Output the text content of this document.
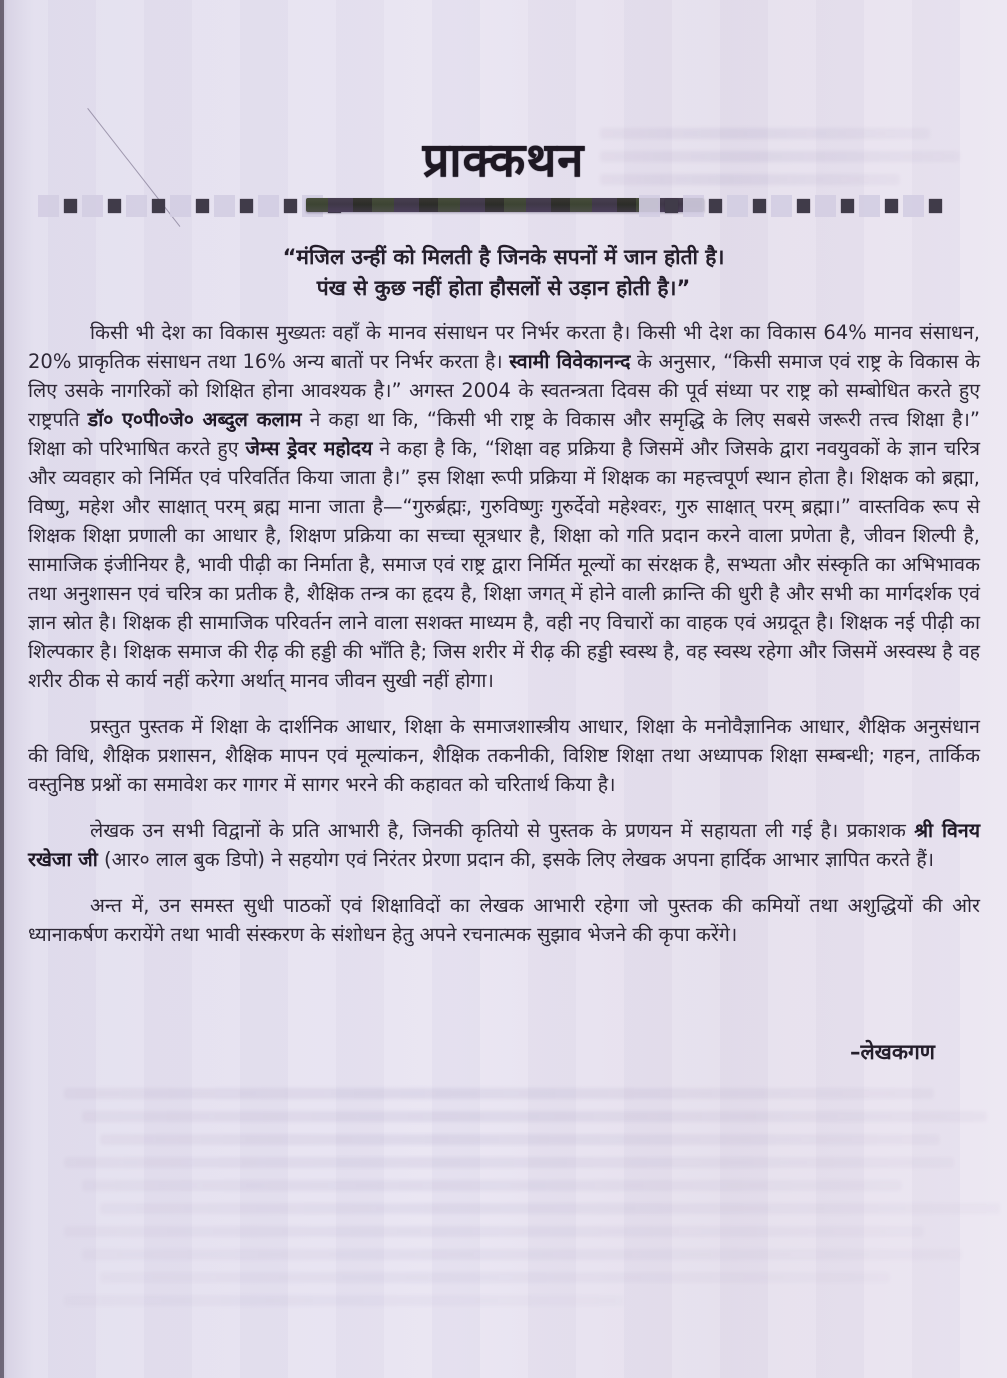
प्राक्कथन
“मंजिल उन्हीं को मिलती है जिनके सपनों में जान होती है।
पंख से कुछ नहीं होता हौसलों से उड़ान होती है।”

किसी भी देश का विकास मुख्यतः वहाँ के मानव संसाधन पर निर्भर करता है। किसी भी देश का विकास 64% मानव संसाधन, 20% प्राकृतिक संसाधन तथा 16% अन्य बातों पर निर्भर करता है। स्वामी विवेकानन्द के अनुसार, “किसी समाज एवं राष्ट्र के विकास के लिए उसके नागरिकों को शिक्षित होना आवश्यक है।” अगस्त 2004 के स्वतन्त्रता दिवस की पूर्व संध्या पर राष्ट्र को सम्बोधित करते हुए राष्ट्रपति डॉ० ए०पी०जे० अब्दुल कलाम ने कहा था कि, “किसी भी राष्ट्र के विकास और समृद्धि के लिए सबसे जरूरी तत्त्व शिक्षा है।” शिक्षा को परिभाषित करते हुए जेम्स ड्रेवर महोदय ने कहा है कि, “शिक्षा वह प्रक्रिया है जिसमें और जिसके द्वारा नवयुवकों के ज्ञान चरित्र और व्यवहार को निर्मित एवं परिवर्तित किया जाता है।” इस शिक्षा रूपी प्रक्रिया में शिक्षक का महत्त्वपूर्ण स्थान होता है। शिक्षक को ब्रह्मा, विष्णु, महेश और साक्षात् परम् ब्रह्म माना जाता है—“गुरुर्ब्रह्मः, गुरुविष्णुः गुरुर्देवो महेश्वरः, गुरु साक्षात् परम् ब्रह्मा।” वास्तविक रूप से शिक्षक शिक्षा प्रणाली का आधार है, शिक्षण प्रक्रिया का सच्चा सूत्रधार है, शिक्षा को गति प्रदान करने वाला प्रणेता है, जीवन शिल्पी है, सामाजिक इंजीनियर है, भावी पीढ़ी का निर्माता है, समाज एवं राष्ट्र द्वारा निर्मित मूल्यों का संरक्षक है, सभ्यता और संस्कृति का अभिभावक तथा अनुशासन एवं चरित्र का प्रतीक है, शैक्षिक तन्त्र का हृदय है, शिक्षा जगत् में होने वाली क्रान्ति की धुरी है और सभी का मार्गदर्शक एवं ज्ञान स्रोत है। शिक्षक ही सामाजिक परिवर्तन लाने वाला सशक्त माध्यम है, वही नए विचारों का वाहक एवं अग्रदूत है। शिक्षक नई पीढ़ी का शिल्पकार है। शिक्षक समाज की रीढ़ की हड्डी की भाँति है; जिस शरीर में रीढ़ की हड्डी स्वस्थ है, वह स्वस्थ रहेगा और जिसमें अस्वस्थ है वह शरीर ठीक से कार्य नहीं करेगा अर्थात् मानव जीवन सुखी नहीं होगा।

प्रस्तुत पुस्तक में शिक्षा के दार्शनिक आधार, शिक्षा के समाजशास्त्रीय आधार, शिक्षा के मनोवैज्ञानिक आधार, शैक्षिक अनुसंधान की विधि, शैक्षिक प्रशासन, शैक्षिक मापन एवं मूल्यांकन, शैक्षिक तकनीकी, विशिष्ट शिक्षा तथा अध्यापक शिक्षा सम्बन्धी; गहन, तार्किक वस्तुनिष्ठ प्रश्नों का समावेश कर गागर में सागर भरने की कहावत को चरितार्थ किया है।

लेखक उन सभी विद्वानों के प्रति आभारी है, जिनकी कृतियो से पुस्तक के प्रणयन में सहायता ली गई है। प्रकाशक श्री विनय रखेजा जी (आर० लाल बुक डिपो) ने सहयोग एवं निरंतर प्रेरणा प्रदान की, इसके लिए लेखक अपना हार्दिक आभार ज्ञापित करते हैं।

अन्त में, उन समस्त सुधी पाठकों एवं शिक्षाविदों का लेखक आभारी रहेगा जो पुस्तक की कमियों तथा अशुद्धियों की ओर ध्यानाकर्षण करायेंगे तथा भावी संस्करण के संशोधन हेतु अपने रचनात्मक सुझाव भेजने की कृपा करेंगे।

–लेखकगण
